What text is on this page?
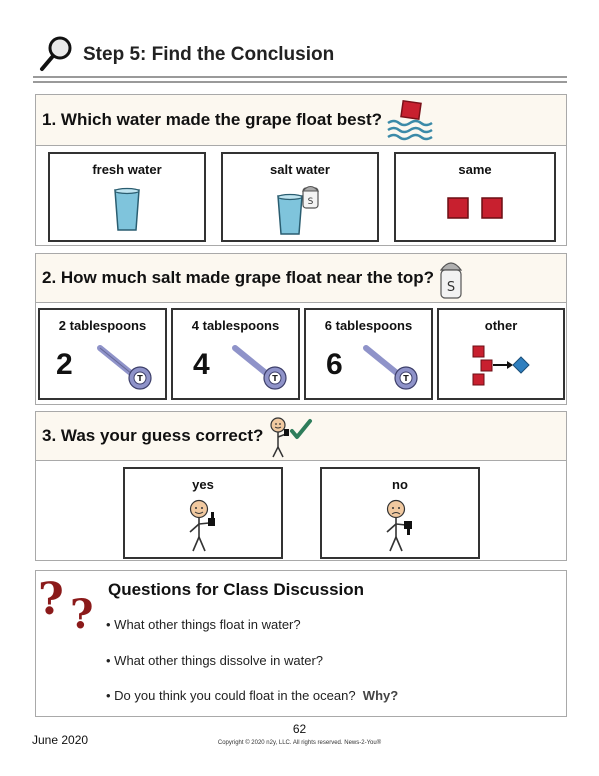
Step 5: Find the Conclusion
1. Which water made the grape float best?
fresh water	salt water
S
same
2. How much salt made grape float near the top?
S
2 tablespoons
2	T
4 tablespoons
4	T
6 tablespoons
6	T
other
3. Was your guess correct?
yes	no
? ?
Questions for Class Discussion
• What other things float in water?
• What other things dissolve in water?
• Do you think you could float in the ocean? Why?
June 2020
62
Copyright © 2020 n2y, LLC. All rights reserved. News-2-You®
